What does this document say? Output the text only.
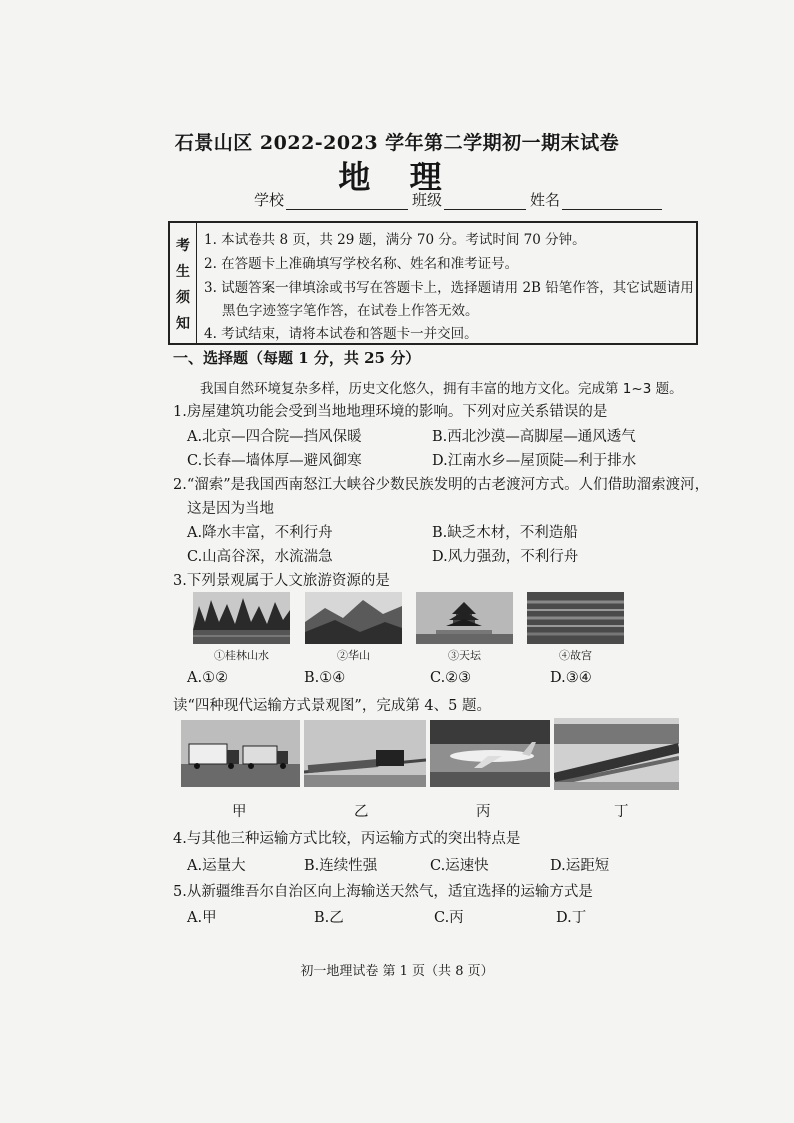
石景山区 2022-2023 学年第二学期初一期末试卷
地 理
学校	班级	姓名
考
生
须
知
1. 本试卷共 8 页，共 29 题，满分 70 分。考试时间 70 分钟。
2. 在答题卡上准确填写学校名称、姓名和准考证号。
3. 试题答案一律填涂或书写在答题卡上，选择题请用 2B 铅笔作答，其它试题请用
黑色字迹签字笔作答，在试卷上作答无效。
4. 考试结束，请将本试卷和答题卡一并交回。
一、选择题（每题 1 分，共 25 分）
我国自然环境复杂多样，历史文化悠久，拥有丰富的地方文化。完成第 1~3 题。
1.房屋建筑功能会受到当地地理环境的影响。下列对应关系错误的是
A.北京—四合院—挡风保暖	B.西北沙漠—高脚屋—通风透气
C.长春—墙体厚—避风御寒	D.江南水乡—屋顶陡—利于排水
2.“溜索”是我国西南怒江大峡谷少数民族发明的古老渡河方式。人们借助溜索渡河，
这是因为当地
A.降水丰富，不利行舟	B.缺乏木材，不利造船
C.山高谷深，水流湍急	D.风力强劲，不利行舟
3.下列景观属于人文旅游资源的是
①桂林山水	②华山	③天坛	④故宫
A.①②	B.①④	C.②③	D.③④
读“四种现代运输方式景观图”，完成第 4、5 题。
甲	乙	丙	丁
4.与其他三种运输方式比较，丙运输方式的突出特点是
A.运量大	B.连续性强	C.运速快	D.运距短
5.从新疆维吾尔自治区向上海输送天然气，适宜选择的运输方式是
A.甲	B.乙	C.丙	D.丁
初一地理试卷 第 1 页（共 8 页）
